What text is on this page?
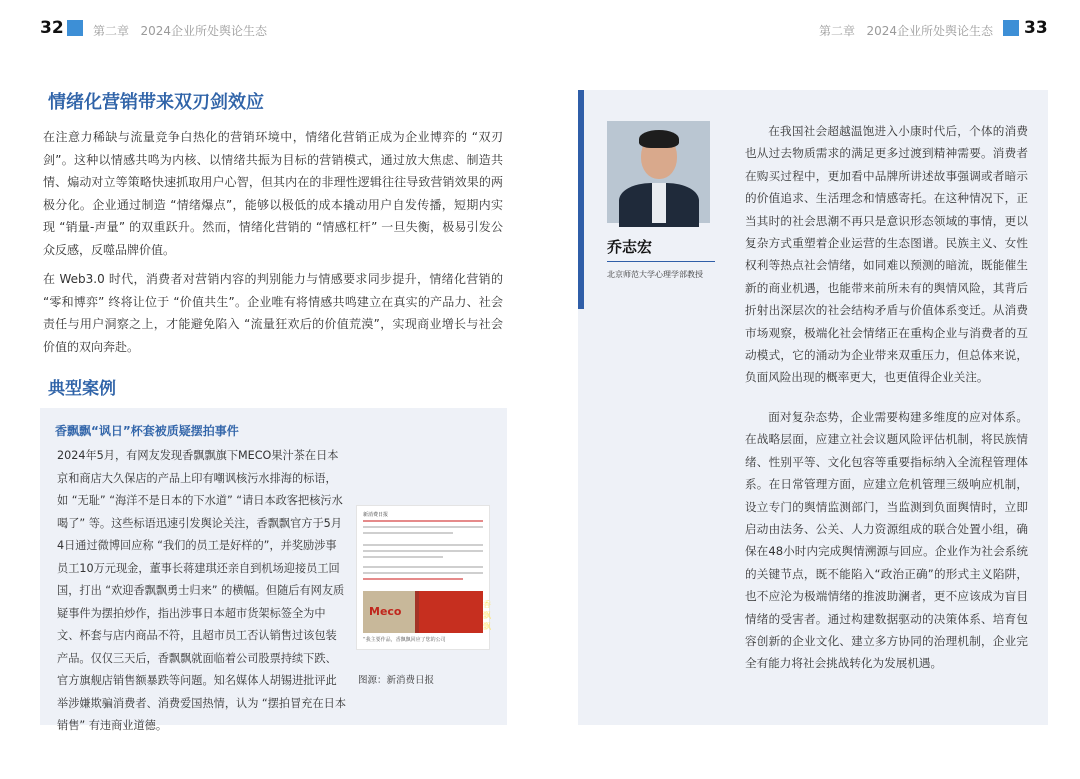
32 第二章 2024企业所处舆论生态	第二章 2024企业所处舆论生态 33
情绪化营销带来双刃剑效应

在注意力稀缺与流量竞争白热化的营销环境中，情绪化营销正成为企业博弈的 “双刃剑”。这种以情感共鸣为内核、以情绪共振为目标的营销模式，通过放大焦虑、制造共情、煽动对立等策略快速抓取用户心智，但其内在的非理性逻辑往往导致营销效果的两极分化。企业通过制造 “情绪爆点”，能够以极低的成本撬动用户自发传播，短期内实现 “销量-声量” 的双重跃升。然而，情绪化营销的 “情感杠杆” 一旦失衡，极易引发公众反感，反噬品牌价值。

在 Web3.0 时代，消费者对营销内容的判别能力与情感要求同步提升，情绪化营销的 “零和博弈” 终将让位于 “价值共生”。企业唯有将情感共鸣建立在真实的产品力、社会责任与用户洞察之上，才能避免陷入 “流量狂欢后的价值荒漠”，实现商业增长与社会价值的双向奔赴。

典型案例
香飘飘“讽日”杯套被质疑摆拍事件

2024年5月，有网友发现香飘飘旗下MECO果汁茶在日本京和商店大久保店的产品上印有嘲讽核污水排海的标语，如 “无耻” “海洋不是日本的下水道” “请日本政客把核污水喝了” 等。这些标语迅速引发舆论关注，香飘飘官方于5月4日通过微博回应称 “我们的员工是好样的”，并奖励涉事员工10万元现金，董事长蒋建琪还亲自到机场迎接员工回国，打出 “欢迎香飘飘勇士归来” 的横幅。但随后有网友质疑事件为摆拍炒作，指出涉事日本超市货架标签全为中文、杯套与店内商品不符，且超市员工否认销售过该包装产品。仅仅三天后，香飘飘就面临着公司股票持续下跌、官方旗舰店销售额暴跌等问题。知名媒体人胡锡进批评此举涉嫌欺骗消费者、消费爱国热情，认为 “摆拍冒充在日本销售” 有违商业道德。

新消费日报
Meco
香飘飘
“我主要作品，香飘飘回应了您的公司
图源：新消费日报
乔志宏
北京师范大学心理学部教授

在我国社会超越温饱进入小康时代后，个体的消费也从过去物质需求的满足更多过渡到精神需要。消费者在购买过程中，更加看中品牌所讲述故事强调或者暗示的价值追求、生活理念和情感寄托。在这种情况下，正当其时的社会思潮不再只是意识形态领域的事情，更以复杂方式重塑着企业运营的生态图谱。民族主义、女性权利等热点社会情绪，如同难以预测的暗流，既能催生新的商业机遇，也能带来前所未有的舆情风险，其背后折射出深层次的社会结构矛盾与价值体系变迁。从消费市场观察，极端化社会情绪正在重构企业与消费者的互动模式，它的涌动为企业带来双重压力，但总体来说，负面风险出现的概率更大，也更值得企业关注。

面对复杂态势，企业需要构建多维度的应对体系。在战略层面，应建立社会议题风险评估机制，将民族情绪、性别平等、文化包容等重要指标纳入全流程管理体系。在日常管理方面，应建立危机管理三级响应机制，设立专门的舆情监测部门，当监测到负面舆情时，立即启动由法务、公关、人力资源组成的联合处置小组，确保在48小时内完成舆情溯源与回应。企业作为社会系统的关键节点，既不能陷入“政治正确”的形式主义陷阱，也不应沦为极端情绪的推波助澜者，更不应该成为盲目情绪的受害者。通过构建数据驱动的决策体系、培育包容创新的企业文化、建立多方协同的治理机制，企业完全有能力将社会挑战转化为发展机遇。
